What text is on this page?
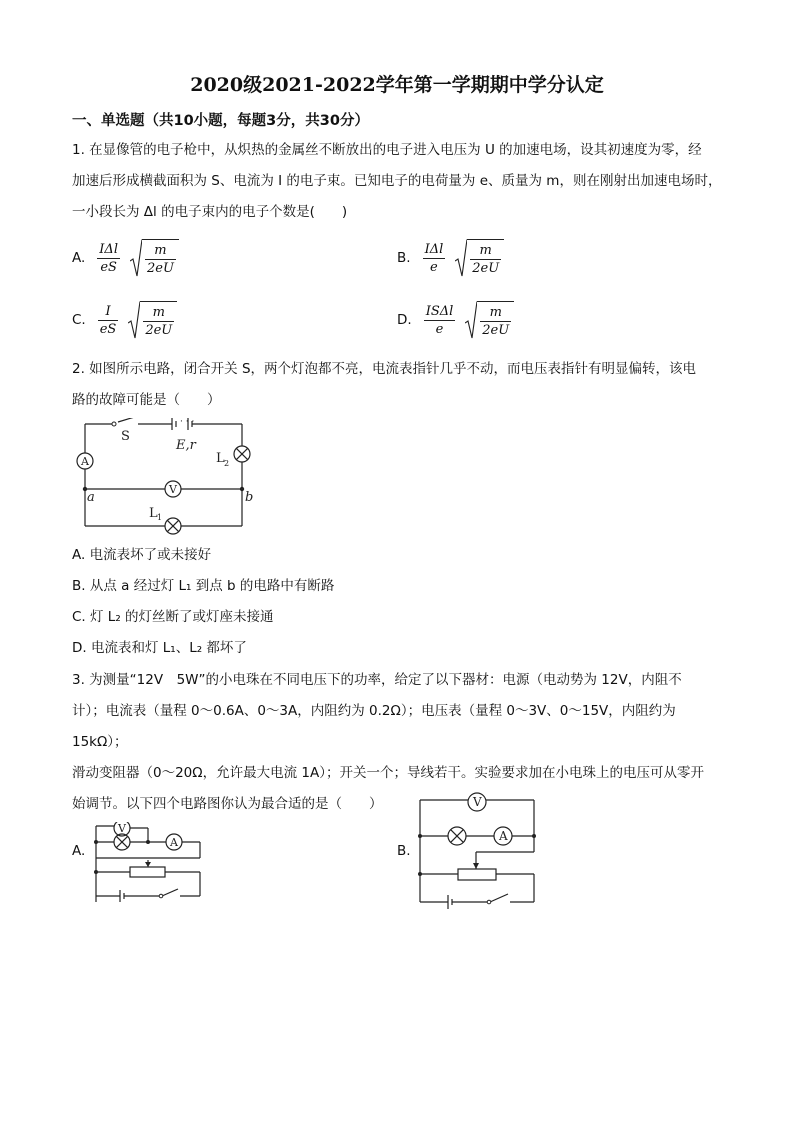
2020级2021-2022学年第一学期期中学分认定
一、单选题（共10小题，每题3分，共30分）
1. 在显像管的电子枪中，从炽热的金属丝不断放出的电子进入电压为 U 的加速电场，设其初速度为零，经
加速后形成横截面积为 S、电流为 I 的电子束。已知电子的电荷量为 e、质量为 m，则在刚射出加速电场时，
一小段长为 Δl 的电子束内的电子个数是(　　)
A. $\frac{\text{IΔl}}{eS} \frac{m}{2eU}$	B. $\frac{\text{IΔl}}{e} \frac{m}{2eU}$
C. $\frac{I}{eS} \frac{m}{2eU}$	D. $\frac{\text{ISΔl}}{e} \frac{m}{2eU}$
2. 如图所示电路，闭合开关 S，两个灯泡都不亮，电流表指针几乎不动，而电压表指针有明显偏转，该电
路的故障可能是（　　）
· · ·
S
E,r
L 2
A
V
a	b
L 1
A. 电流表坏了或未接好
B. 从点 a 经过灯 L₁ 到点 b 的电路中有断路
C. 灯 L₂ 的灯丝断了或灯座未接通
D. 电流表和灯 L₁、L₂ 都坏了
3. 为测量“12V　5W”的小电珠在不同电压下的功率，给定了以下器材：电源（电动势为 12V，内阻不
计）；电流表（量程 0～0.6A、0～3A，内阻约为 0.2Ω）；电压表（量程 0～3V、0～15V，内阻约为 15kΩ）；
滑动变阻器（0～20Ω，允许最大电流 1A）；开关一个；导线若干。实验要求加在小电珠上的电压可从零开
始调节。以下四个电路图你认为最合适的是（　　）
A.
V
A
B.
V
A
